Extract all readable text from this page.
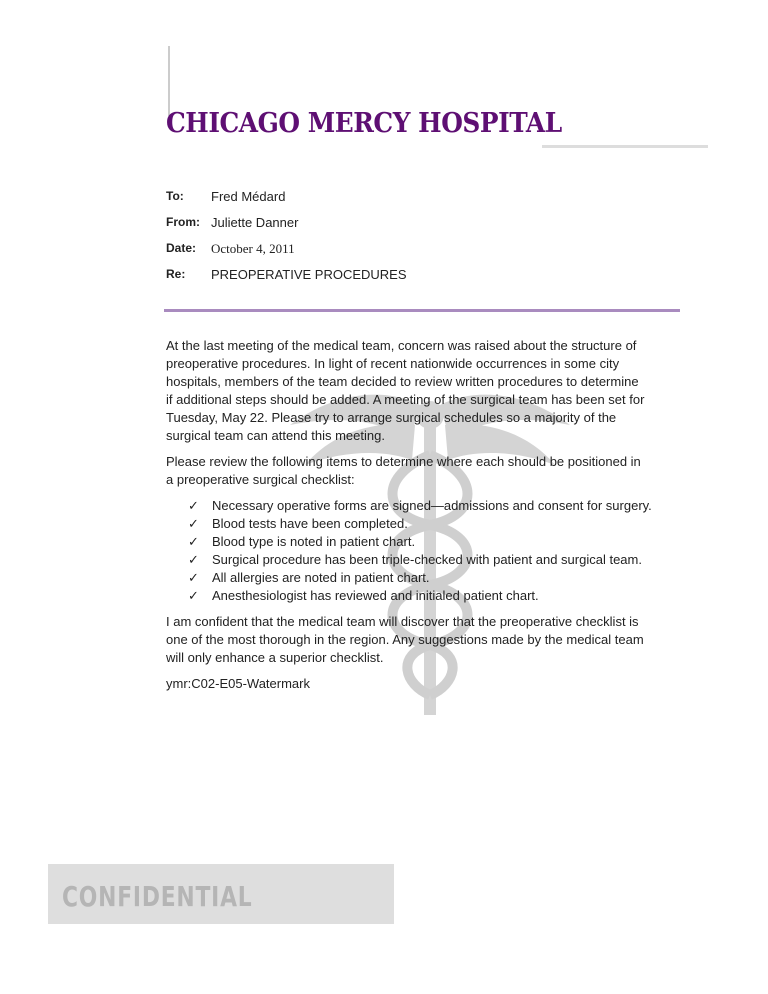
CHICAGO MERCY HOSPITAL
To:	Fred Médard
From: Juliette Danner
Date:	October 4, 2011
Re:	PREOPERATIVE PROCEDURES

At the last meeting of the medical team, concern was raised about the structure of
preoperative procedures. In light of recent nationwide occurrences in some city
hospitals, members of the team decided to review written procedures to determine
if additional steps should be added. A meeting of the surgical team has been set for
Tuesday, May 22. Please try to arrange surgical schedules so a majority of the
surgical team can attend this meeting.

Please review the following items to determine where each should be positioned in
a preoperative surgical checklist:

✓	Necessary operative forms are signed—admissions and consent for surgery.
✓	Blood tests have been completed.
✓	Blood type is noted in patient chart.
✓	Surgical procedure has been triple-checked with patient and surgical team.
✓	All allergies are noted in patient chart.
✓	Anesthesiologist has reviewed and initialed patient chart.

I am confident that the medical team will discover that the preoperative checklist is
one of the most thorough in the region. Any suggestions made by the medical team
will only enhance a superior checklist.

ymr:C02-E05-Watermark

CONFIDENTIAL
